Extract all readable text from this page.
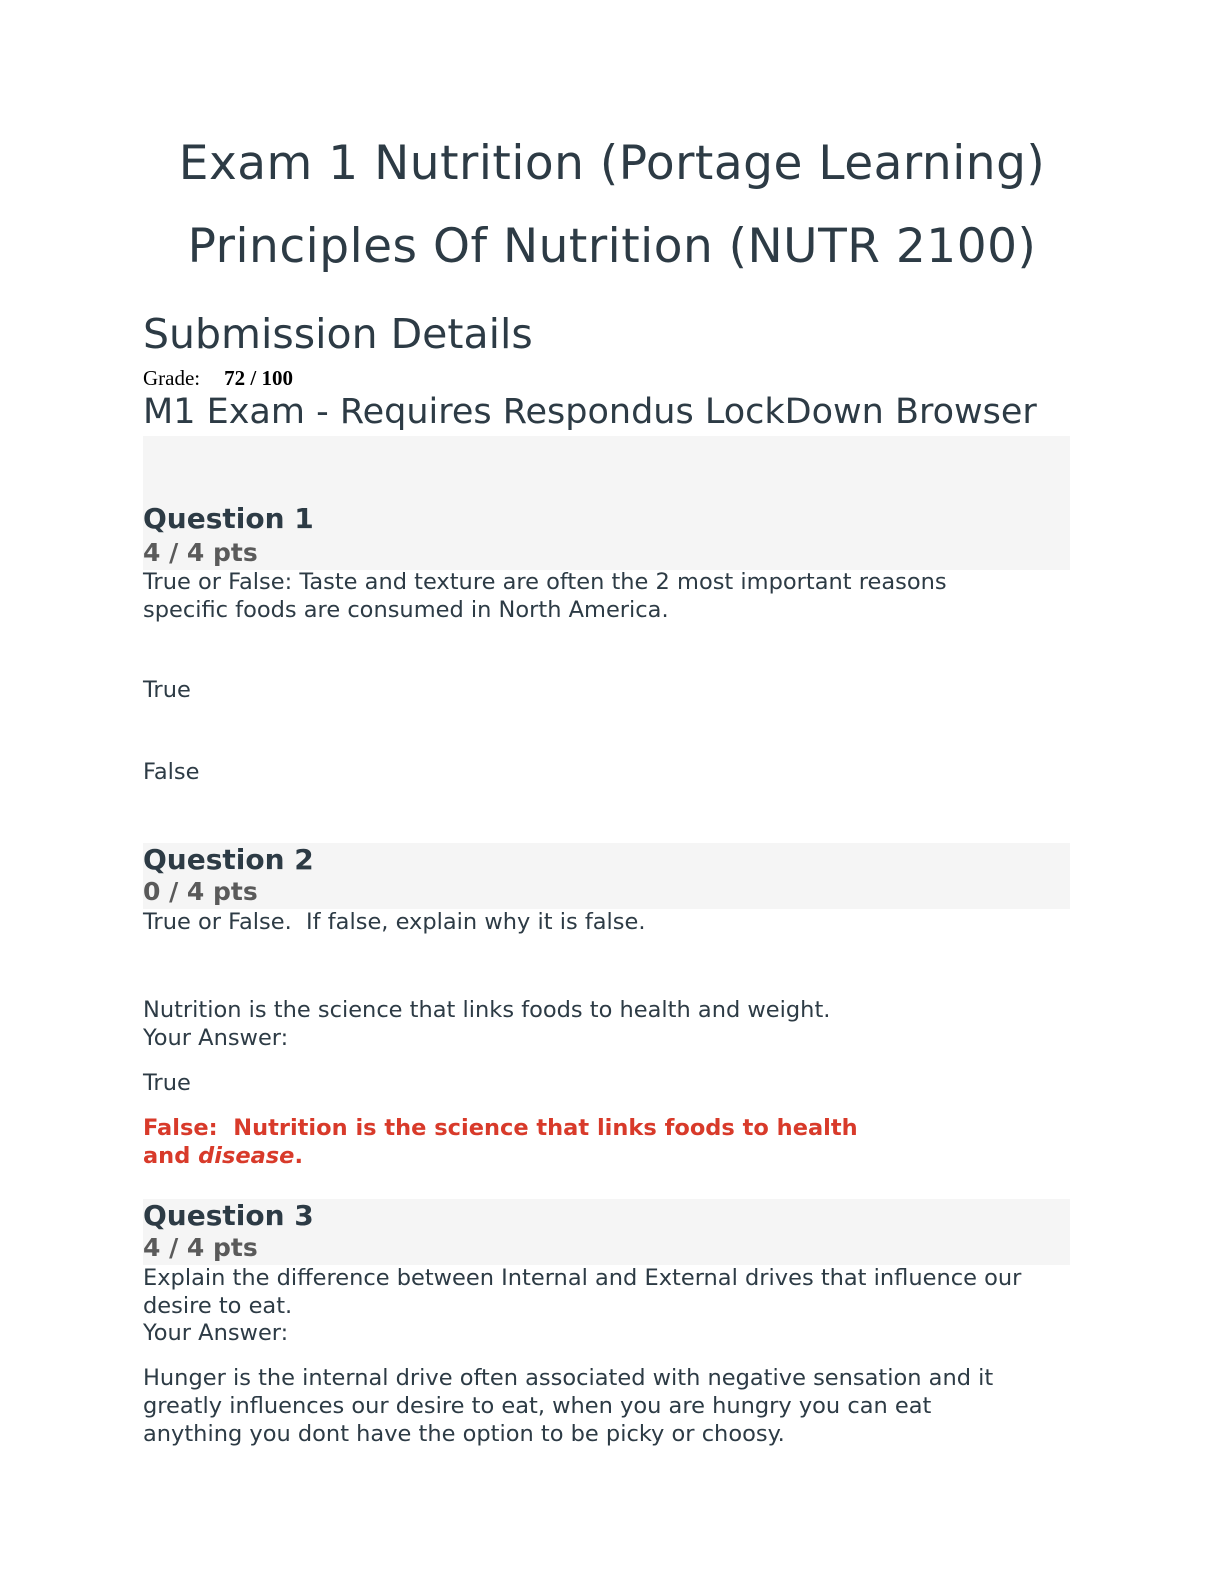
Exam 1 Nutrition (Portage Learning)
Principles Of Nutrition (NUTR 2100)
Submission Details
Grade: 72 / 100
M1 Exam - Requires Respondus LockDown Browser
Question 1
4 / 4 pts
True or False: Taste and texture are often the 2 most important reasons specific foods are consumed in North America.
True
False
Question 2
0 / 4 pts
True or False.  If false, explain why it is false.
Nutrition is the science that links foods to health and weight.
Your Answer:
True
False:  Nutrition is the science that links foods to health and disease.
Question 3
4 / 4 pts
Explain the difference between Internal and External drives that influence our desire to eat.
Your Answer:
Hunger is the internal drive often associated with negative sensation and it greatly influences our desire to eat, when you are hungry you can eat anything you dont have the option to be picky or choosy.
